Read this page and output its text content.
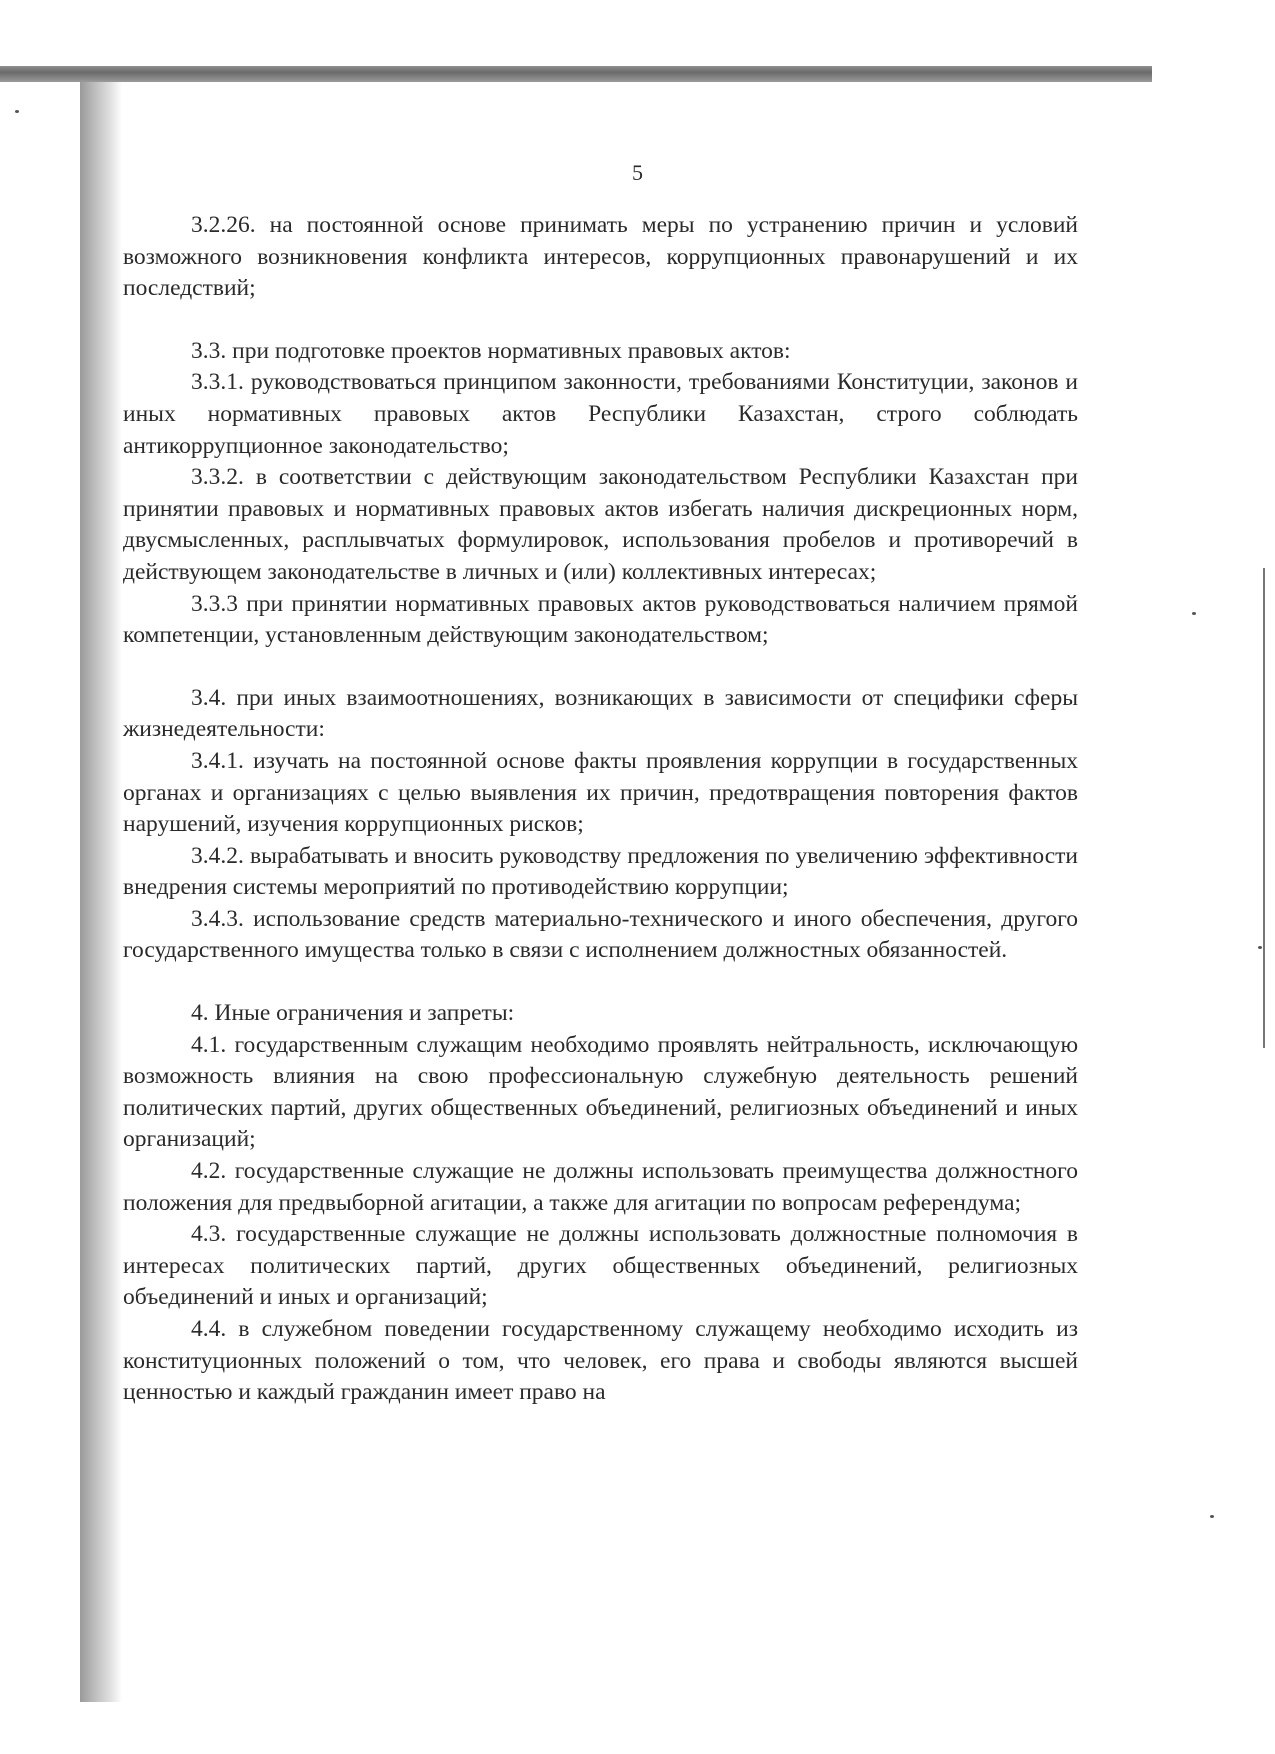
5

3.2.26. на постоянной основе принимать меры по устранению причин и условий возможного возникновения конфликта интересов, коррупционных правонарушений и их последствий;

3.3. при подготовке проектов нормативных правовых актов:

3.3.1. руководствоваться принципом законности, требованиями Конституции, законов и иных нормативных правовых актов Республики Казахстан, строго соблюдать антикоррупционное законодательство;

3.3.2. в соответствии с действующим законодательством Республики Казахстан при принятии правовых и нормативных правовых актов избегать наличия дискреционных норм, двусмысленных, расплывчатых формулировок, использования пробелов и противоречий в действующем законодательстве в личных и (или) коллективных интересах;

3.3.3 при принятии нормативных правовых актов руководствоваться наличием прямой компетенции, установленным действующим законодательством;

3.4. при иных взаимоотношениях, возникающих в зависимости от специфики сферы жизнедеятельности:

3.4.1. изучать на постоянной основе факты проявления коррупции в государственных органах и организациях с целью выявления их причин, предотвращения повторения фактов нарушений, изучения коррупционных рисков;

3.4.2. вырабатывать и вносить руководству предложения по увеличению эффективности внедрения системы мероприятий по противодействию коррупции;

3.4.3. использование средств материально-технического и иного обеспечения, другого государственного имущества только в связи с исполнением должностных обязанностей.

4. Иные ограничения и запреты:

4.1. государственным служащим необходимо проявлять нейтральность, исключающую возможность влияния на свою профессиональную служебную деятельность решений политических партий, других общественных объединений, религиозных объединений и иных организаций;

4.2. государственные служащие не должны использовать преимущества должностного положения для предвыборной агитации, а также для агитации по вопросам референдума;

4.3. государственные служащие не должны использовать должностные полномочия в интересах политических партий, других общественных объединений, религиозных объединений и иных и организаций;

4.4. в служебном поведении государственному служащему необходимо исходить из конституционных положений о том, что человек, его права и свободы являются высшей ценностью и каждый гражданин имеет право на
